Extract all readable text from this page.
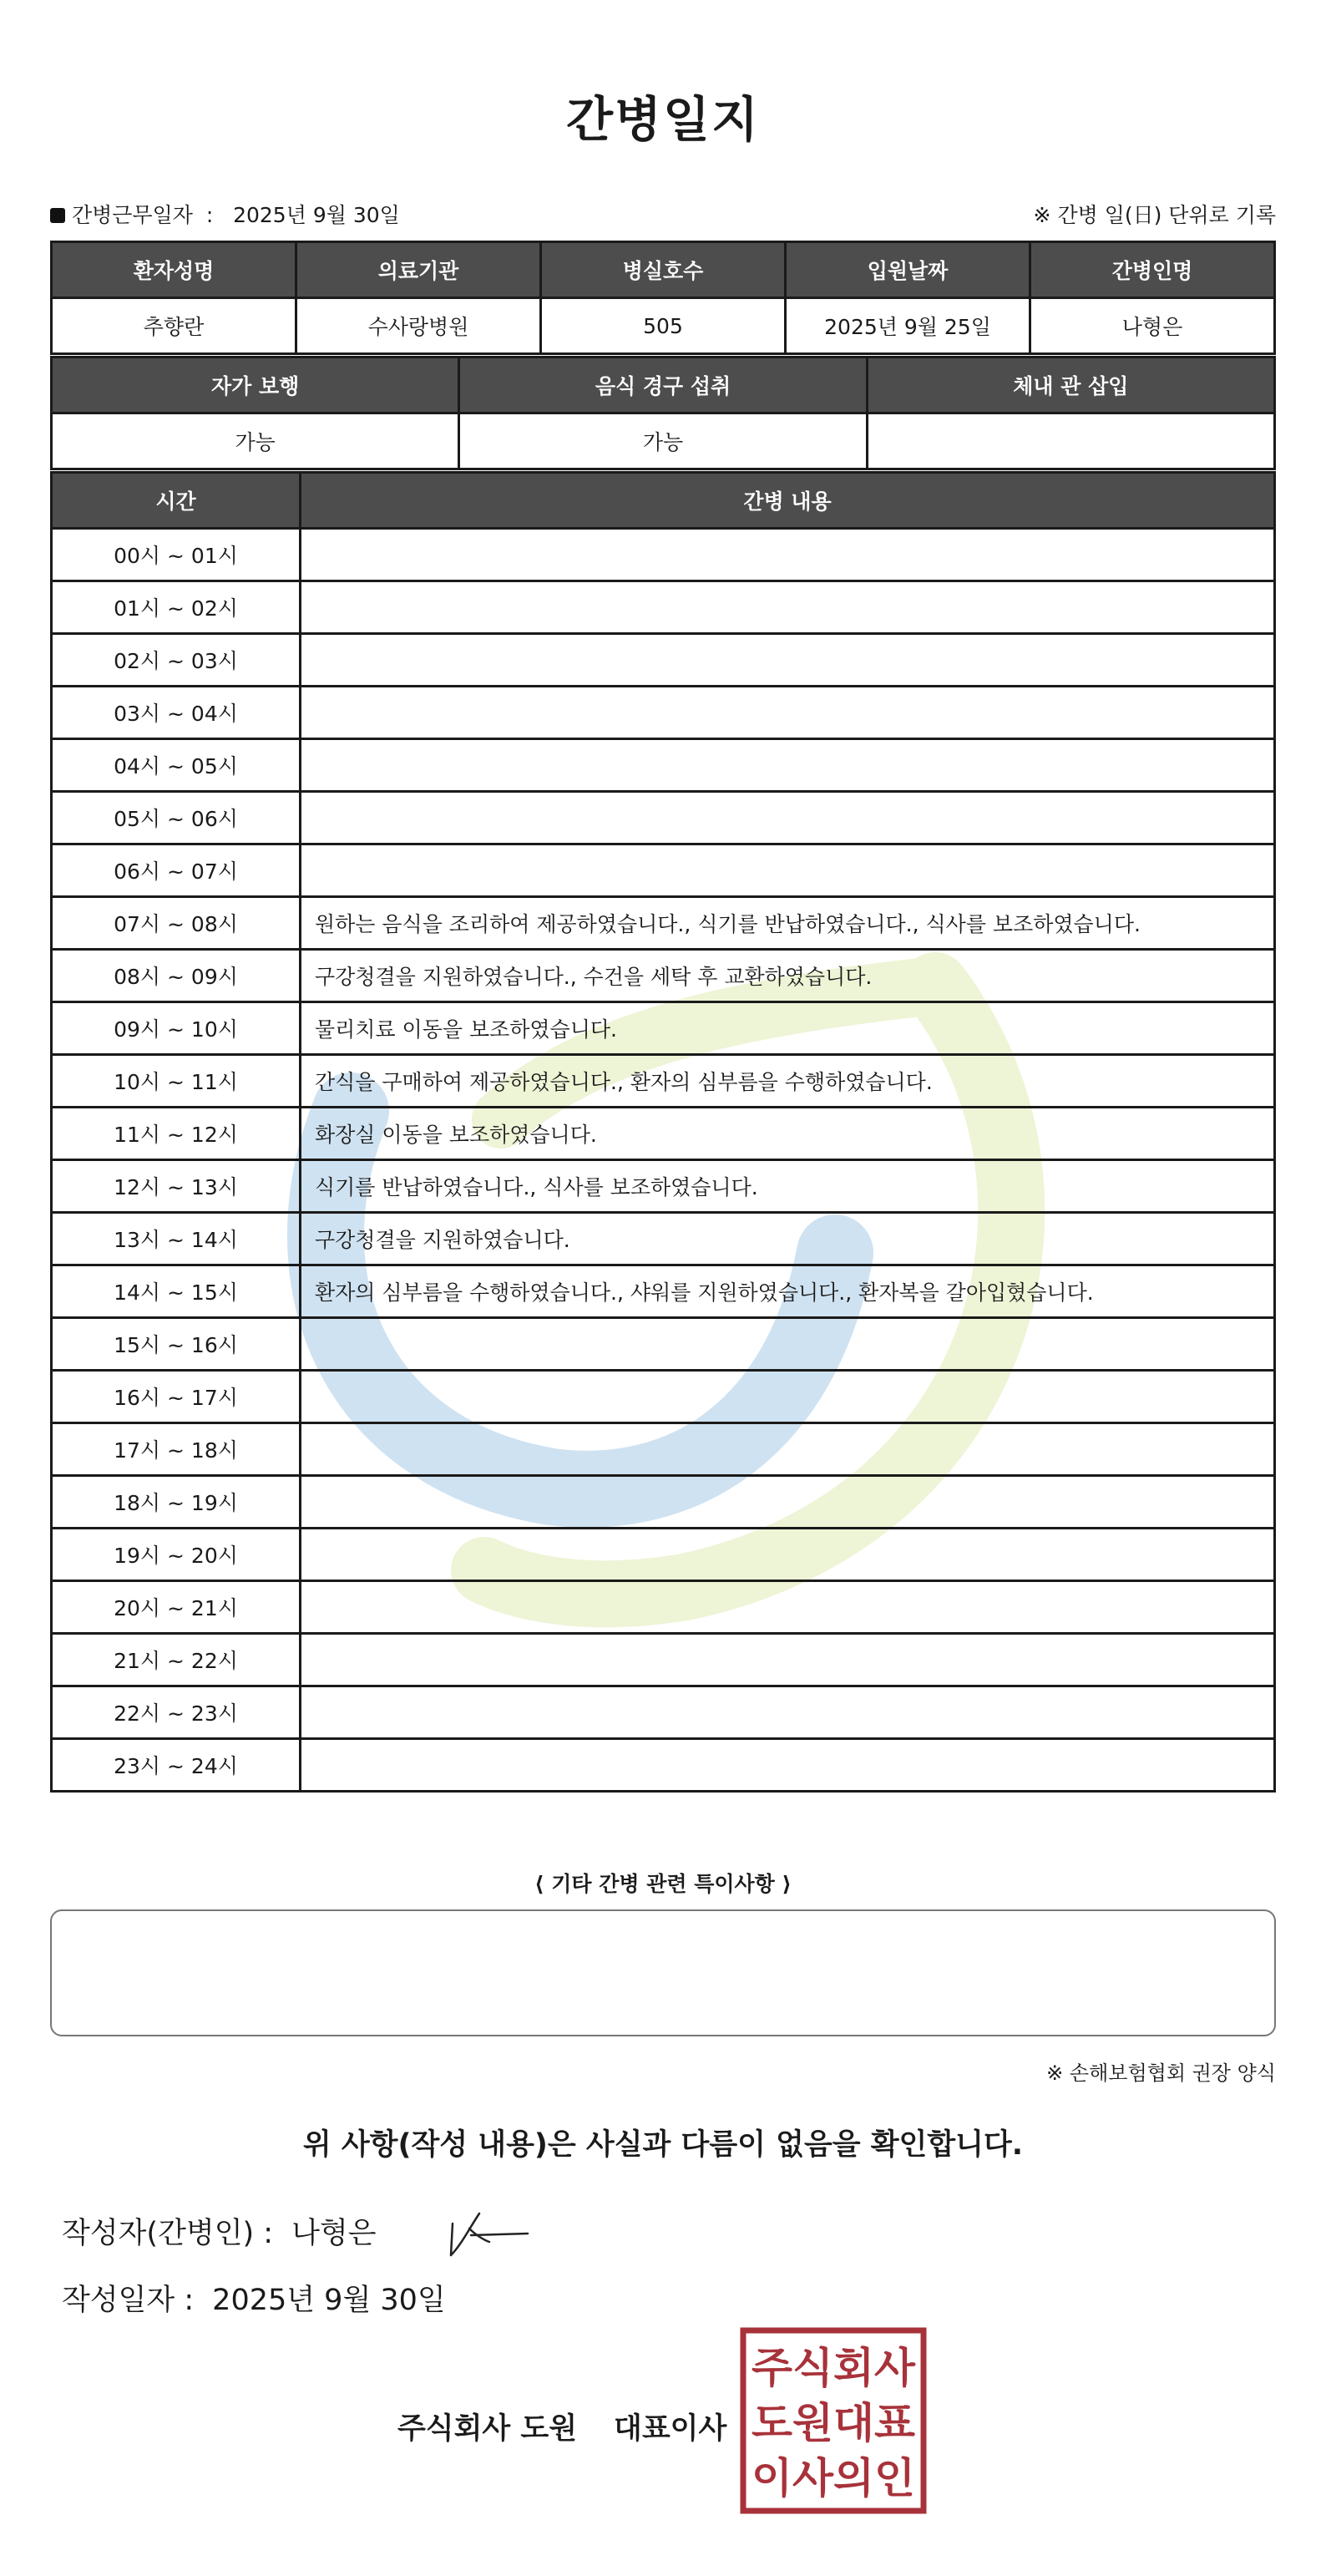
간병일지
간병근무일자 : 2025년 9월 30일	※ 간병 일(日) 단위로 기록
환자성명	의료기관	병실호수	입원날짜	간병인명
추향란	수사랑병원	505	2025년 9월 25일	나형은
자가 보행	음식 경구 섭취	체내 관 삽입
가능	가능	
시간	간병 내용
00시 ~ 01시	
01시 ~ 02시	
02시 ~ 03시	
03시 ~ 04시	
04시 ~ 05시	
05시 ~ 06시	
06시 ~ 07시	
07시 ~ 08시	원하는 음식을 조리하여 제공하였습니다., 식기를 반납하였습니다., 식사를 보조하였습니다.
08시 ~ 09시	구강청결을 지원하였습니다., 수건을 세탁 후 교환하였습니다.
09시 ~ 10시	물리치료 이동을 보조하였습니다.
10시 ~ 11시	간식을 구매하여 제공하였습니다., 환자의 심부름을 수행하였습니다.
11시 ~ 12시	화장실 이동을 보조하였습니다.
12시 ~ 13시	식기를 반납하였습니다., 식사를 보조하였습니다.
13시 ~ 14시	구강청결을 지원하였습니다.
14시 ~ 15시	환자의 심부름을 수행하였습니다., 샤워를 지원하였습니다., 환자복을 갈아입혔습니다.
15시 ~ 16시	
16시 ~ 17시	
17시 ~ 18시	
18시 ~ 19시	
19시 ~ 20시	
20시 ~ 21시	
21시 ~ 22시	
22시 ~ 23시	
23시 ~ 24시	
⟨ 기타 간병 관련 특이사항 ⟩
※ 손해보험협회 권장 양식
위 사항(작성 내용)은 사실과 다름이 없음을 확인합니다.
작성자(간병인) : 나형은
작성일자 : 2025년 9월 30일
주식회사 도원 대표이사
주식회사
도원대표
이사의인
